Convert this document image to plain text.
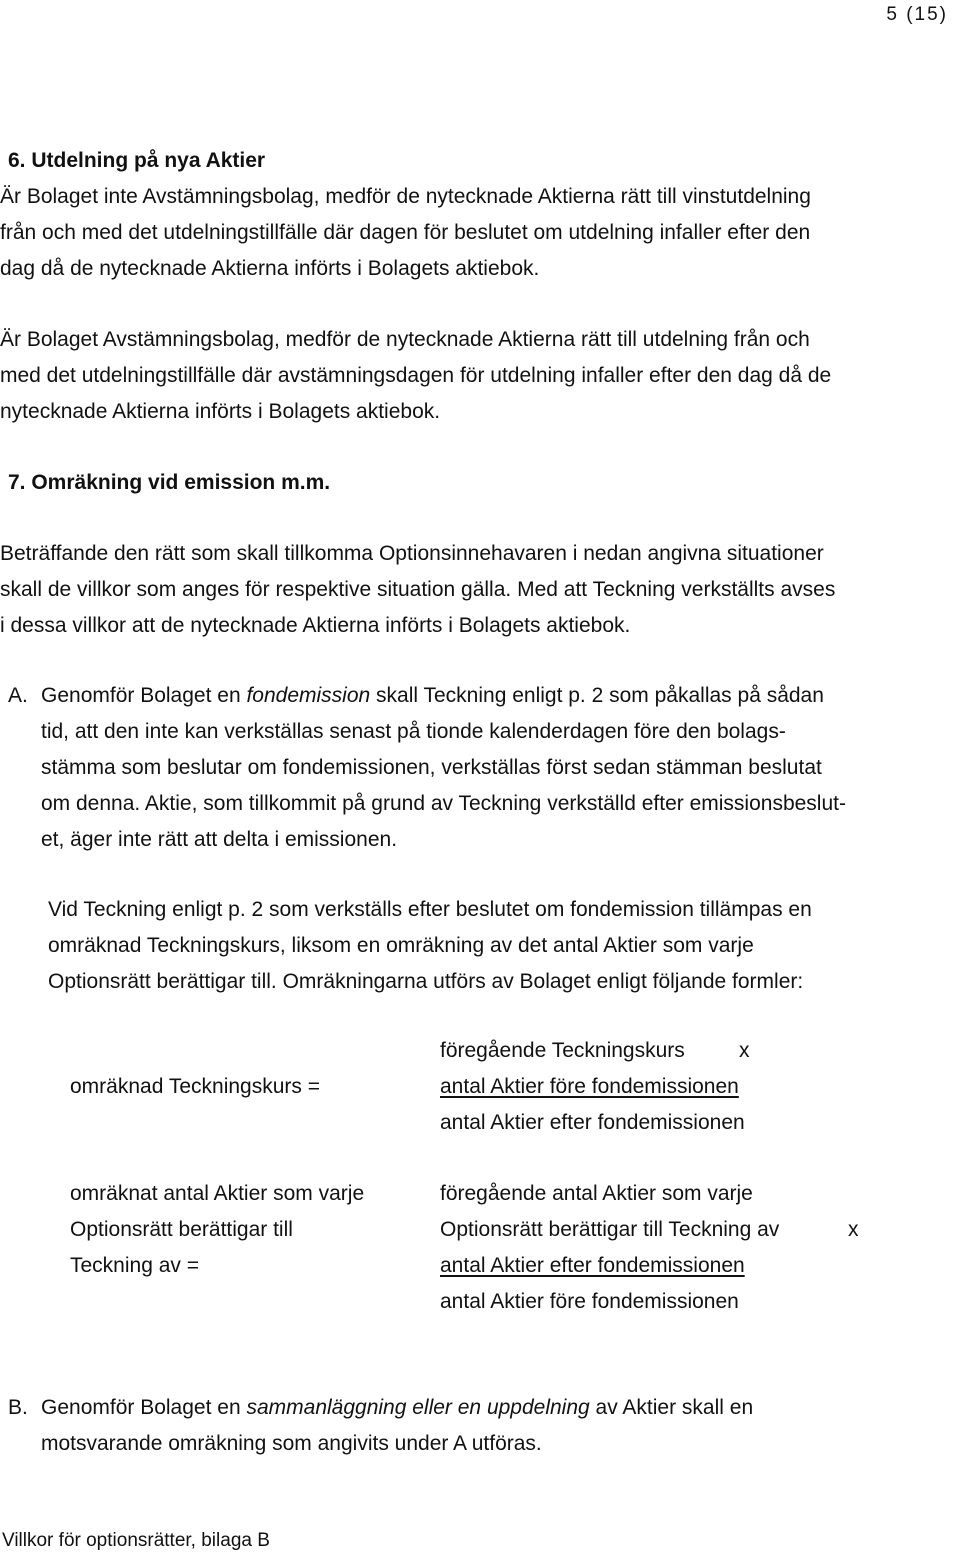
5 (15)
6. Utdelning på nya Aktier
Är Bolaget inte Avstämningsbolag, medför de nytecknade Aktierna rätt till vinstutdelning
från och med det utdelningstillfälle där dagen för beslutet om utdelning infaller efter den
dag då de nytecknade Aktierna införts i Bolagets aktiebok.
Är Bolaget Avstämningsbolag, medför de nytecknade Aktierna rätt till utdelning från och
med det utdelningstillfälle där avstämningsdagen för utdelning infaller efter den dag då de
nytecknade Aktierna införts i Bolagets aktiebok.
7. Omräkning vid emission m.m.
Beträffande den rätt som skall tillkomma Optionsinnehavaren i nedan angivna situationer
skall de villkor som anges för respektive situation gälla. Med att Teckning verkställts avses
i dessa villkor att de nytecknade Aktierna införts i Bolagets aktiebok.
A. Genomför Bolaget en fondemission skall Teckning enligt p. 2 som påkallas på sådan
tid, att den inte kan verkställas senast på tionde kalenderdagen före den bolags-
stämma som beslutar om fondemissionen, verkställas först sedan stämman beslutat
om denna. Aktie, som tillkommit på grund av Teckning verkställd efter emissionsbeslut-
et, äger inte rätt att delta i emissionen.
Vid Teckning enligt p. 2 som verkställs efter beslutet om fondemission tillämpas en
omräknad Teckningskurs, liksom en omräkning av det antal Aktier som varje
Optionsrätt berättigar till. Omräkningarna utförs av Bolaget enligt följande formler:
omräknad Teckningskurs =
föregående Teckningskurs	x
antal Aktier före fondemissionen
antal Aktier efter fondemissionen
omräknat antal Aktier som varje
Optionsrätt berättigar till
Teckning av =
föregående antal Aktier som varje
Optionsrätt berättigar till Teckning av	x
antal Aktier efter fondemissionen
antal Aktier före fondemissionen
B. Genomför Bolaget en sammanläggning eller en uppdelning av Aktier skall en
motsvarande omräkning som angivits under A utföras.
Villkor för optionsrätter, bilaga B
